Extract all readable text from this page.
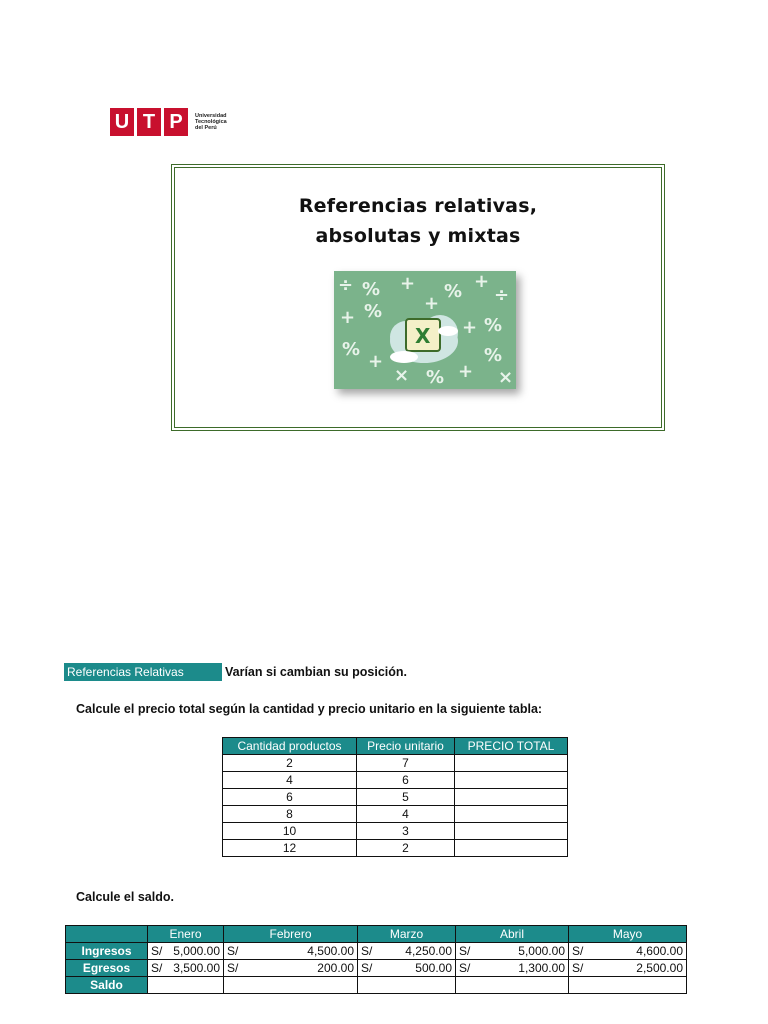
U T P	Universidad
Tecnológica
del Perú
Referencias relativas,
absolutas y mixtas
÷ % + % +
÷
+ % +
%
%
+
× % +
%
×
+
X
Referencias Relativas	Varían si cambian su posición.
Calcule el precio total según la cantidad y precio unitario en la siguiente tabla:
Cantidad productos	Precio unitario	PRECIO TOTAL
2	7	
4	6	
6	5	
8	4	
10	3	
12	2	
Calcule el saldo.
	Enero	Febrero	Marzo	Abril	Mayo
Ingresos	S/ 5,000.00	S/ 4,500.00	S/ 4,250.00	S/ 5,000.00	S/ 4,600.00

Egresos	S/ 3,500.00	S/ 200.00	S/ 500.00	S/ 1,300.00	S/ 2,500.00

Saldo					
